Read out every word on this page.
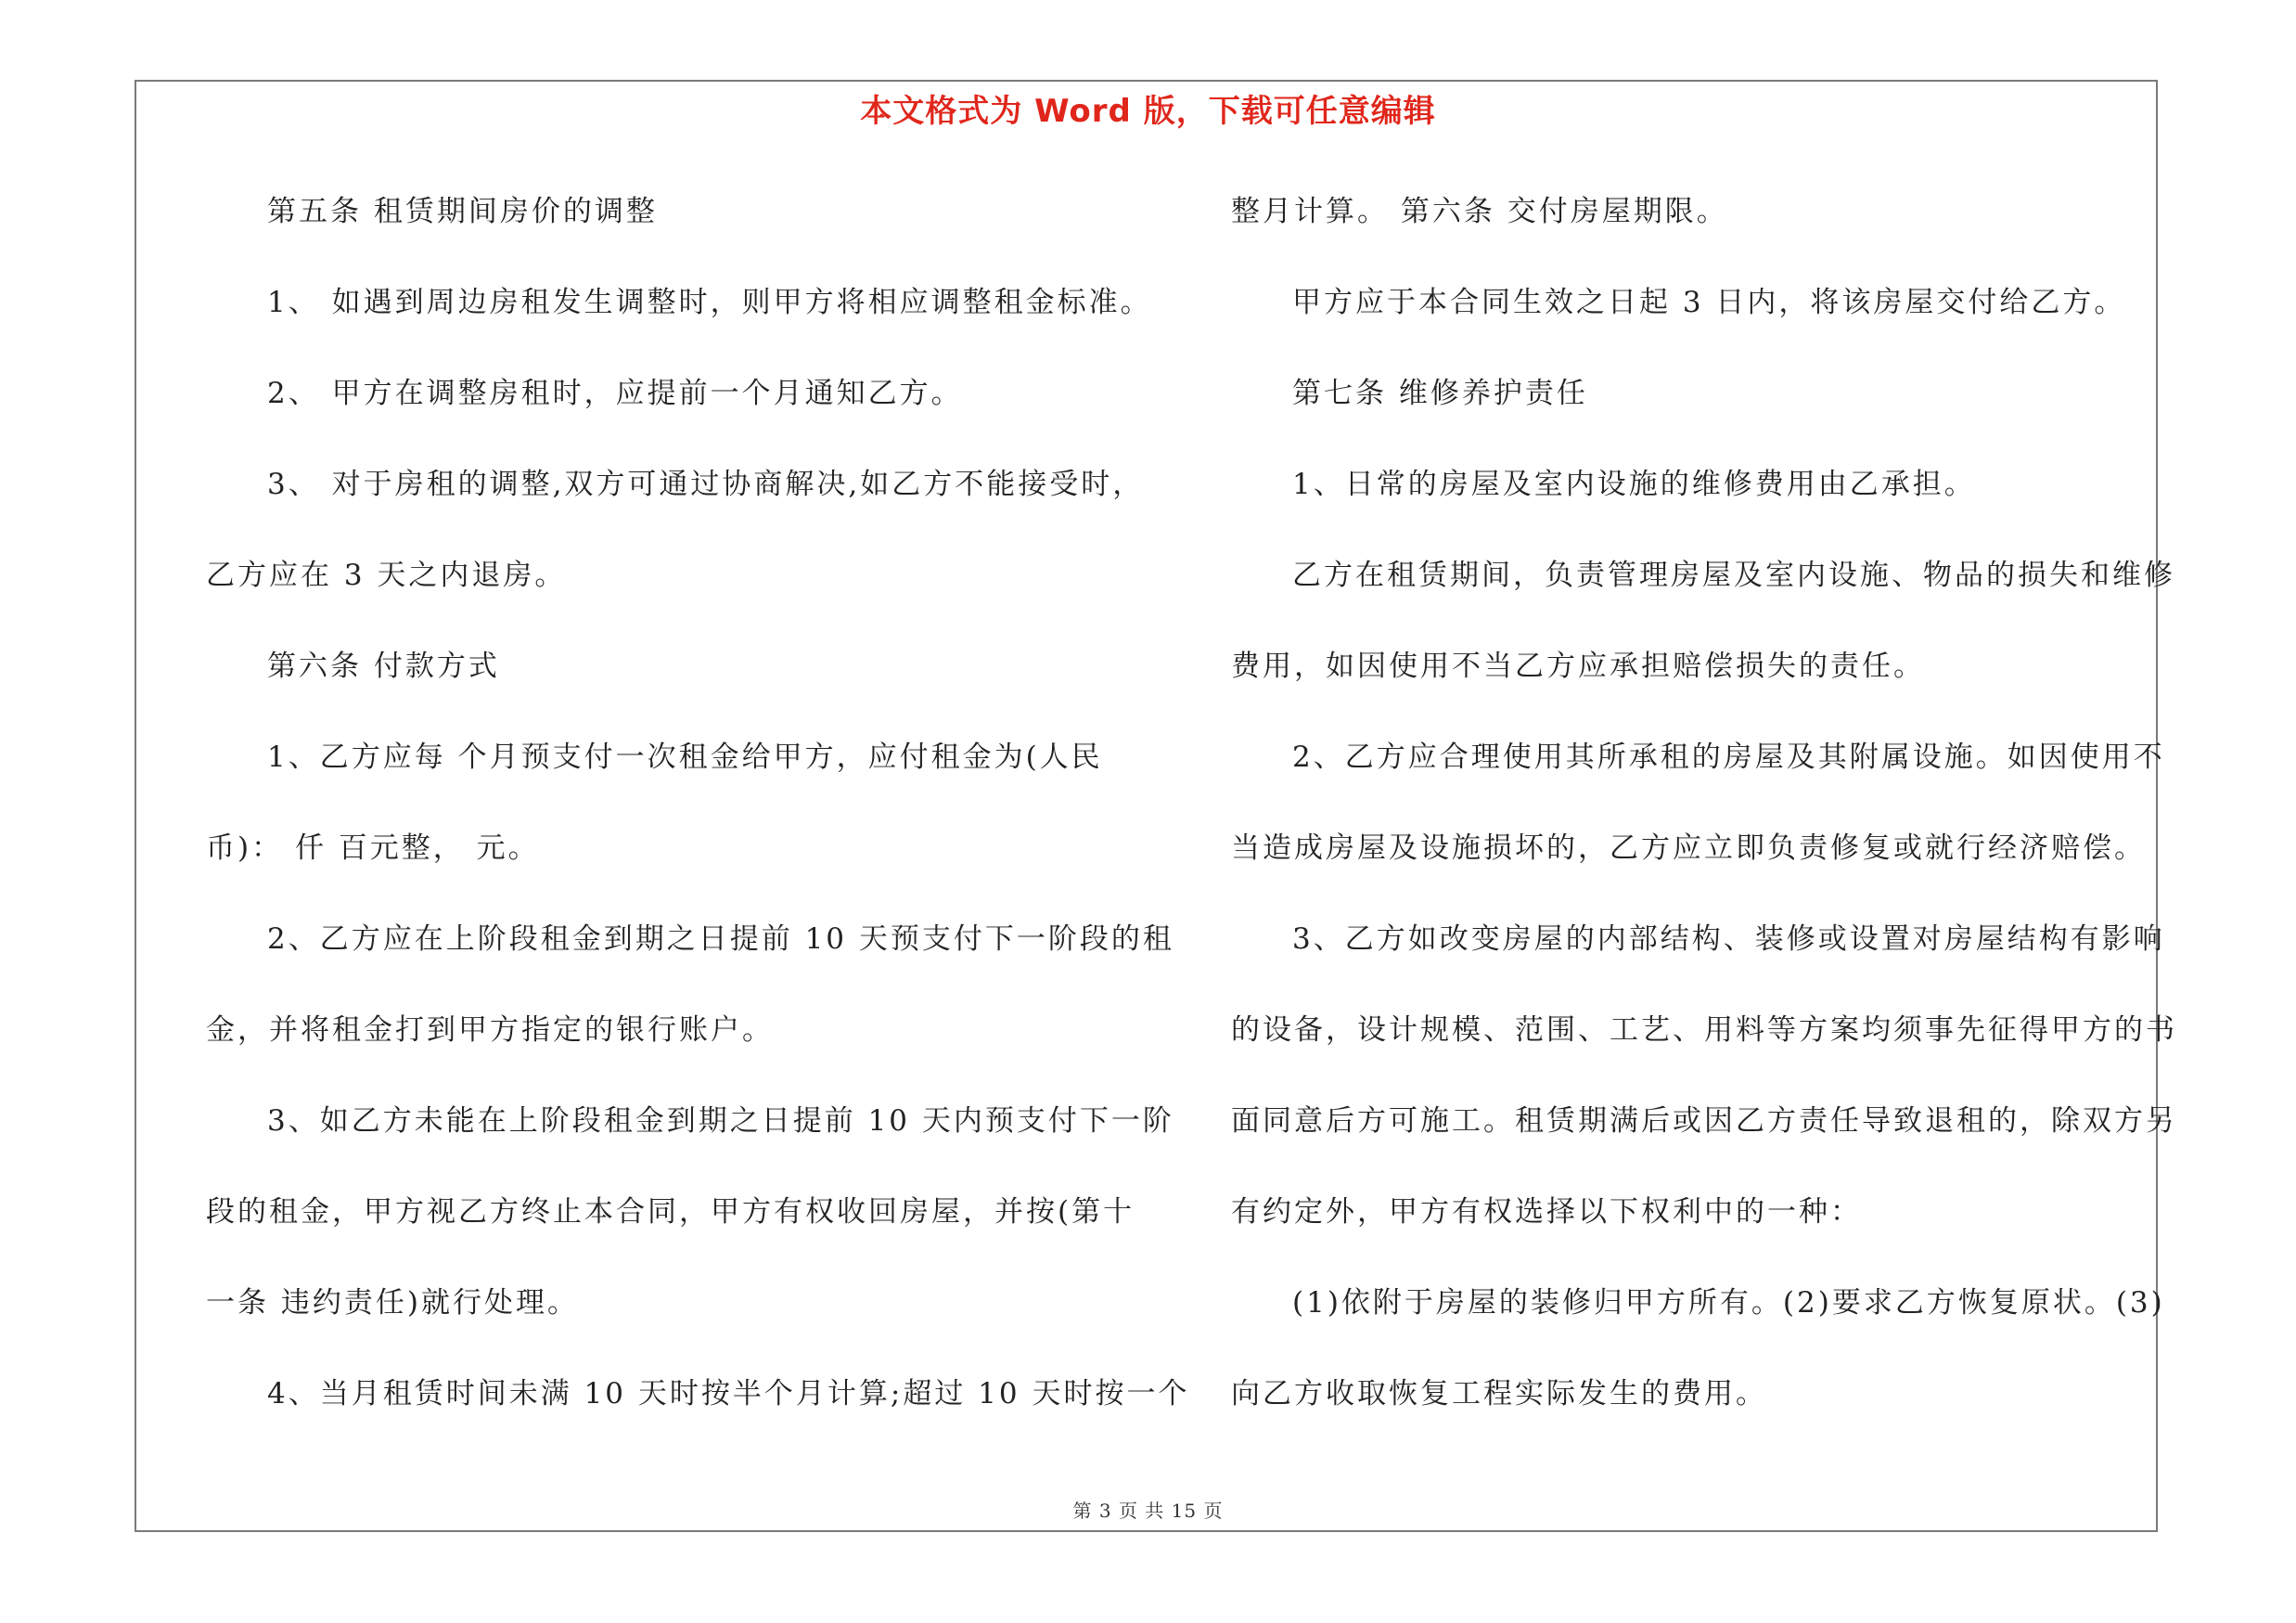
本文格式为 Word 版，下载可任意编辑
第五条 租赁期间房价的调整
1、 如遇到周边房租发生调整时，则甲方将相应调整租金标准。
2、 甲方在调整房租时，应提前一个月通知乙方。
3、 对于房租的调整,双方可通过协商解决,如乙方不能接受时，
乙方应在 3 天之内退房。
第六条 付款方式
1、乙方应每 个月预支付一次租金给甲方，应付租金为(人民
币)： 仟 百元整， 元。
2、乙方应在上阶段租金到期之日提前 10 天预支付下一阶段的租
金，并将租金打到甲方指定的银行账户。
3、如乙方未能在上阶段租金到期之日提前 10 天内预支付下一阶
段的租金，甲方视乙方终止本合同，甲方有权收回房屋，并按(第十
一条 违约责任)就行处理。
4、当月租赁时间未满 10 天时按半个月计算;超过 10 天时按一个
整月计算。 第六条 交付房屋期限。
甲方应于本合同生效之日起 3 日内，将该房屋交付给乙方。
第七条 维修养护责任
1、日常的房屋及室内设施的维修费用由乙承担。
乙方在租赁期间，负责管理房屋及室内设施、物品的损失和维修
费用，如因使用不当乙方应承担赔偿损失的责任。
2、乙方应合理使用其所承租的房屋及其附属设施。如因使用不
当造成房屋及设施损坏的，乙方应立即负责修复或就行经济赔偿。
3、乙方如改变房屋的内部结构、装修或设置对房屋结构有影响
的设备，设计规模、范围、工艺、用料等方案均须事先征得甲方的书
面同意后方可施工。租赁期满后或因乙方责任导致退租的，除双方另
有约定外，甲方有权选择以下权利中的一种：
(1)依附于房屋的装修归甲方所有。(2)要求乙方恢复原状。(3)
向乙方收取恢复工程实际发生的费用。
第 3 页 共 15 页
